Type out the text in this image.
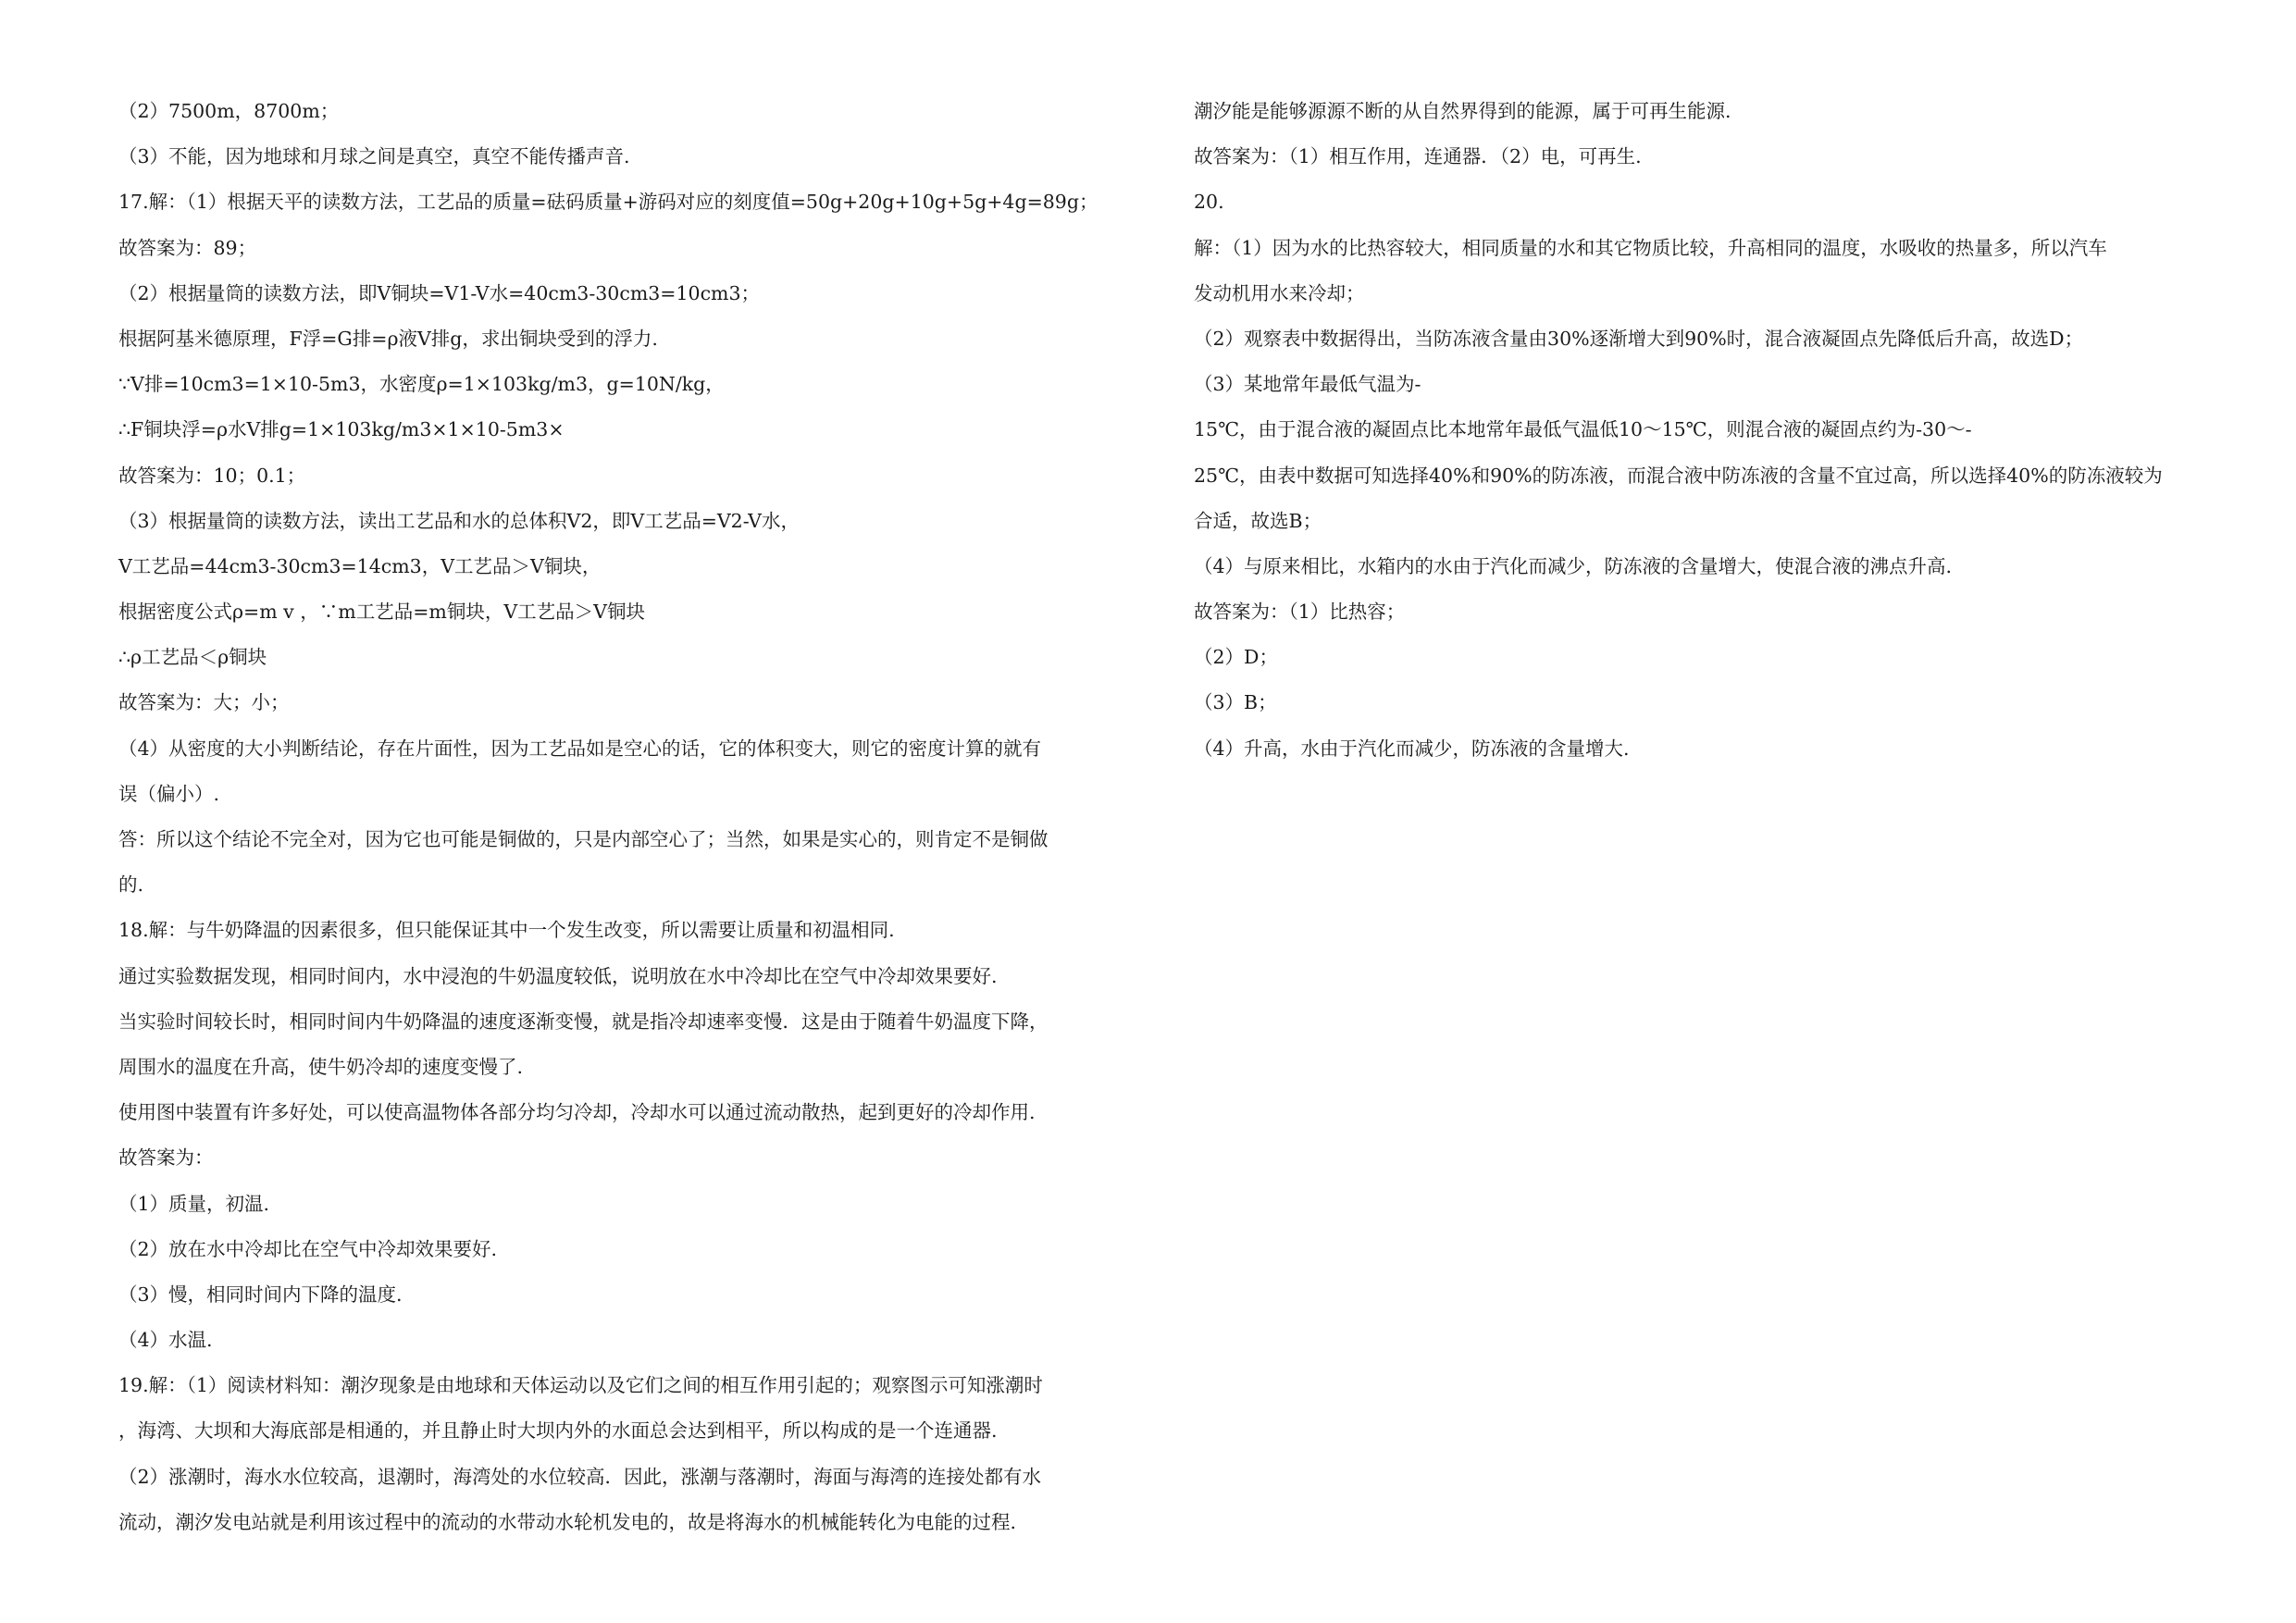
（2）7500m，8700m；
（3）不能，因为地球和月球之间是真空，真空不能传播声音.
17.解：（1）根据天平的读数方法，工艺品的质量=砝码质量+游码对应的刻度值=50g+20g+10g+5g+4g=89g；
故答案为：89；
（2）根据量筒的读数方法，即V铜块=V1-V水=40cm3-30cm3=10cm3；
根据阿基米德原理，F浮=G排=ρ液V排g，求出铜块受到的浮力.
∵V排=10cm3=1×10-5m3，水密度ρ=1×103kg/m3，g=10N/kg，
∴F铜块浮=ρ水V排g=1×103kg/m3×1×10-5m3×
故答案为：10；0.1；
（3）根据量筒的读数方法，读出工艺品和水的总体积V2，即V工艺品=V2-V水，
V工艺品=44cm3-30cm3=14cm3，V工艺品＞V铜块，
根据密度公式ρ=m v ，∵m工艺品=m铜块，V工艺品＞V铜块
∴ρ工艺品＜ρ铜块
故答案为：大；小；
（4）从密度的大小判断结论，存在片面性，因为工艺品如是空心的话，它的体积变大，则它的密度计算的就有
误（偏小）.
答：所以这个结论不完全对，因为它也可能是铜做的，只是内部空心了；当然，如果是实心的，则肯定不是铜做
的.
18.解：与牛奶降温的因素很多，但只能保证其中一个发生改变，所以需要让质量和初温相同.
通过实验数据发现，相同时间内，水中浸泡的牛奶温度较低，说明放在水中冷却比在空气中冷却效果要好.
当实验时间较长时，相同时间内牛奶降温的速度逐渐变慢，就是指冷却速率变慢．这是由于随着牛奶温度下降，
周围水的温度在升高，使牛奶冷却的速度变慢了.
使用图中装置有许多好处，可以使高温物体各部分均匀冷却，冷却水可以通过流动散热，起到更好的冷却作用.
故答案为：
（1）质量，初温.
（2）放在水中冷却比在空气中冷却效果要好.
（3）慢，相同时间内下降的温度.
（4）水温.
19.解：（1）阅读材料知：潮汐现象是由地球和天体运动以及它们之间的相互作用引起的；观察图示可知涨潮时
，海湾、大坝和大海底部是相通的，并且静止时大坝内外的水面总会达到相平，所以构成的是一个连通器.
（2）涨潮时，海水水位较高，退潮时，海湾处的水位较高．因此，涨潮与落潮时，海面与海湾的连接处都有水
流动，潮汐发电站就是利用该过程中的流动的水带动水轮机发电的，故是将海水的机械能转化为电能的过程.
潮汐能是能够源源不断的从自然界得到的能源，属于可再生能源.
故答案为：（1）相互作用，连通器．（2）电，可再生.
20.
解：（1）因为水的比热容较大，相同质量的水和其它物质比较，升高相同的温度，水吸收的热量多，所以汽车
发动机用水来冷却；
（2）观察表中数据得出，当防冻液含量由30%逐渐增大到90%时，混合液凝固点先降低后升高，故选D；
（3）某地常年最低气温为-
15℃，由于混合液的凝固点比本地常年最低气温低10～15℃，则混合液的凝固点约为-30～-
25℃，由表中数据可知选择40%和90%的防冻液，而混合液中防冻液的含量不宜过高，所以选择40%的防冻液较为
合适，故选B；
（4）与原来相比，水箱内的水由于汽化而减少，防冻液的含量增大，使混合液的沸点升高.
故答案为：（1）比热容；
（2）D；
（3）B；
（4）升高，水由于汽化而减少，防冻液的含量增大.
